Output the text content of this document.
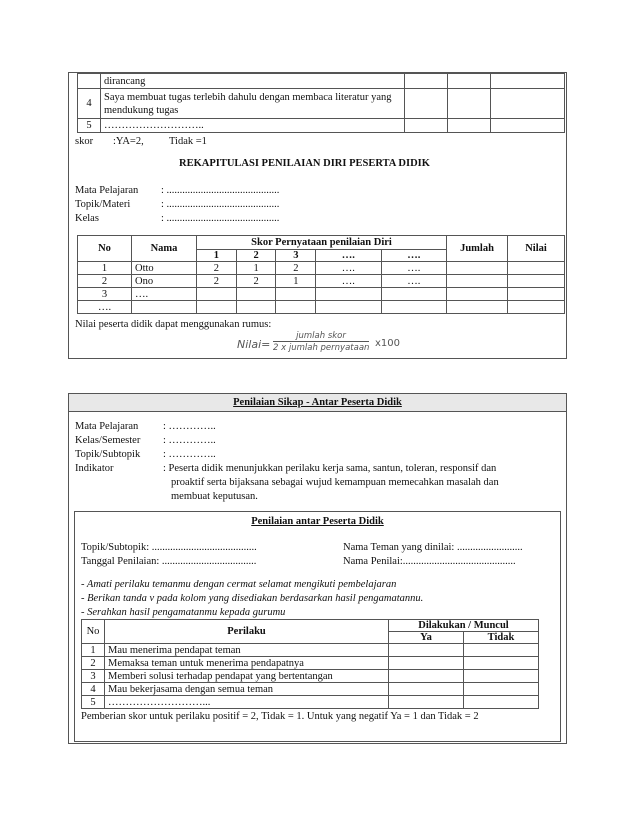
	dirancang			
4	Saya membuat tugas terlebih dahulu dengan membaca literatur yang mendukung tugas			
5	………………………..			
skor :YA=2, Tidak =1
REKAPITULASI PENILAIAN DIRI PESERTA DIDIK
Mata Pelajaran : ...........................................
Topik/Materi	: ...........................................
Kelas	: ...........................................
No	Nama	Skor Pernyataan penilaian Diri					Jumlah	Nilai
		1	2	3	….	….		
1	Otto	2	1	2	….	….		
2	Ono	2	2	1	….	….		
3	….							
….								
Nilai peserta didik dapat menggunakan rumus:
Nilai=
jumlah skor
2 x jumlah pernyataan x100
Penilaian Sikap - Antar Peserta Didik
Mata Pelajaran : …………..
Kelas/Semester : …………..
Topik/Subtopik : …………..
Indikator	: Peserta didik menunjukkan perilaku kerja sama, santun, toleran, responsif dan
proaktif serta bijaksana sebagai wujud kemampuan memecahkan masalah dan
membuat keputusan.
Penilaian antar Peserta Didik
Topik/Subtopik: ........................................
Tanggal Penilaian: ....................................
Nama Teman yang dinilai: .........................
Nama Penilai:...........................................
- Amati perilaku temanmu dengan cermat selamat mengikuti pembelajaran
- Berikan tanda v pada kolom yang disediakan berdasarkan hasil pengamatannu.
- Serahkan hasil pengamatanmu kepada gurumu
No	Perilaku	Dilakukan / Muncul	
		Ya	Tidak
1	Mau menerima pendapat teman		
2	Memaksa teman untuk menerima pendapatnya		
3	Memberi solusi terhadap pendapat yang bertentangan		
4	Mau bekerjasama dengan semua teman		
5	………………………...		
Pemberian skor untuk perilaku positif = 2, Tidak = 1. Untuk yang negatif Ya = 1 dan Tidak = 2
